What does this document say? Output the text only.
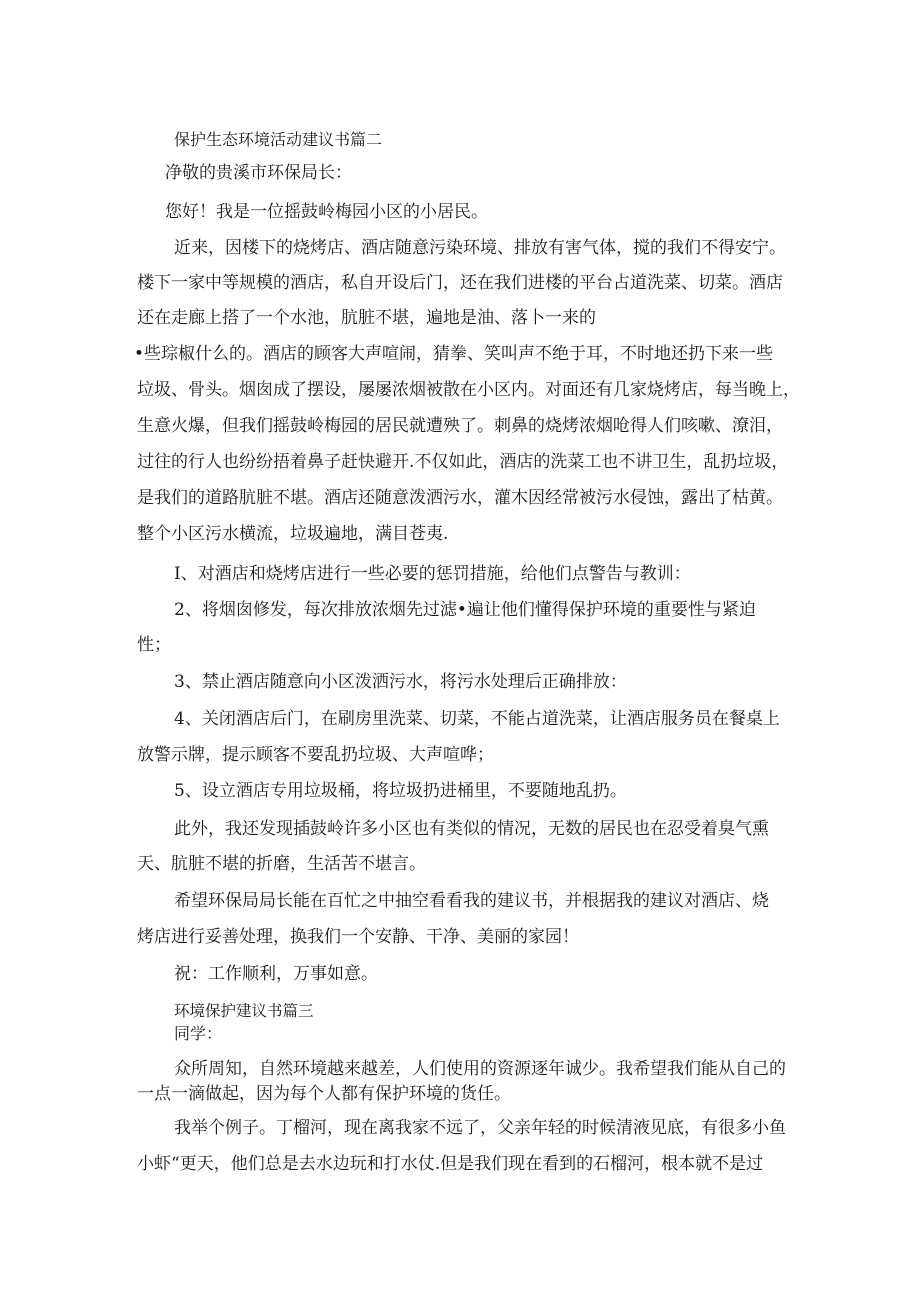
保护生态环境活动建议书篇二
净敬的贵溪市环保局长：
您好！我是一位摇鼓岭梅园小区的小居民。
近来，因楼下的烧烤店、酒店随意污染环境、排放有害气体，搅的我们不得安宁。
楼下一家中等规模的酒店，私自开设后门，还在我们进楼的平台占道洗菜、切菜。酒店
还在走廊上搭了一个水池，肮脏不堪，遍地是油、落卜一来的
•些琮椒什么的。酒店的顾客大声喧闹，猜拳、笑叫声不绝于耳，不时地还扔下来一些
垃圾、骨头。烟囱成了摆设，屡屡浓烟被散在小区内。对面还有几家烧烤店，每当晚上，
生意火爆，但我们摇鼓岭梅园的居民就遭殃了。刺鼻的烧烤浓烟呛得人们咳嗽、潦泪，
过往的行人也纷纷捂着鼻子赶快避开.不仅如此，酒店的洗菜工也不讲卫生，乱扔垃圾，
是我们的道路肮脏不堪。酒店还随意泼洒污水，灌木因经常被污水侵蚀，露出了枯黄。
整个小区污水横流，垃圾遍地，满目苍夷.
I、对酒店和烧烤店进行一些必要的惩罚措施，给他们点警告与教训：
2、将烟囱修发，每次排放浓烟先过滤•遍让他们懂得保护环境的重要性与紧迫
性；
3、禁止酒店随意向小区泼洒污水，将污水处理后正确排放：
4、关闭酒店后门，在刷房里洗菜、切菜，不能占道洗菜，让酒店服务员在餐桌上
放警示牌，提示顾客不要乱扔垃圾、大声喧哗；
5、设立酒店专用垃圾桶，将垃圾扔进桶里，不要随地乱扔。
此外，我还发现插鼓岭许多小区也有类似的情况，无数的居民也在忍受着臭气熏
天、肮脏不堪的折磨，生活苦不堪言。
希望环保局局长能在百忙之中抽空看看我的建议书，并根据我的建议对酒店、烧
烤店进行妥善处理，换我们一个安静、干净、美丽的家园！
祝：工作顺利，万事如意。
环境保护建议书篇三
同学：
众所周知，自然环境越来越差，人们使用的资源逐年诚少。我希望我们能从自己的
一点一滴做起，因为每个人都有保护环境的货任。
我举个例子。丁榴河，现在离我家不远了，父亲年轻的时候清液见底，有很多小鱼
小虾“更天，他们总是去水边玩和打水仗.但是我们现在看到的石榴河，根本就不是过
